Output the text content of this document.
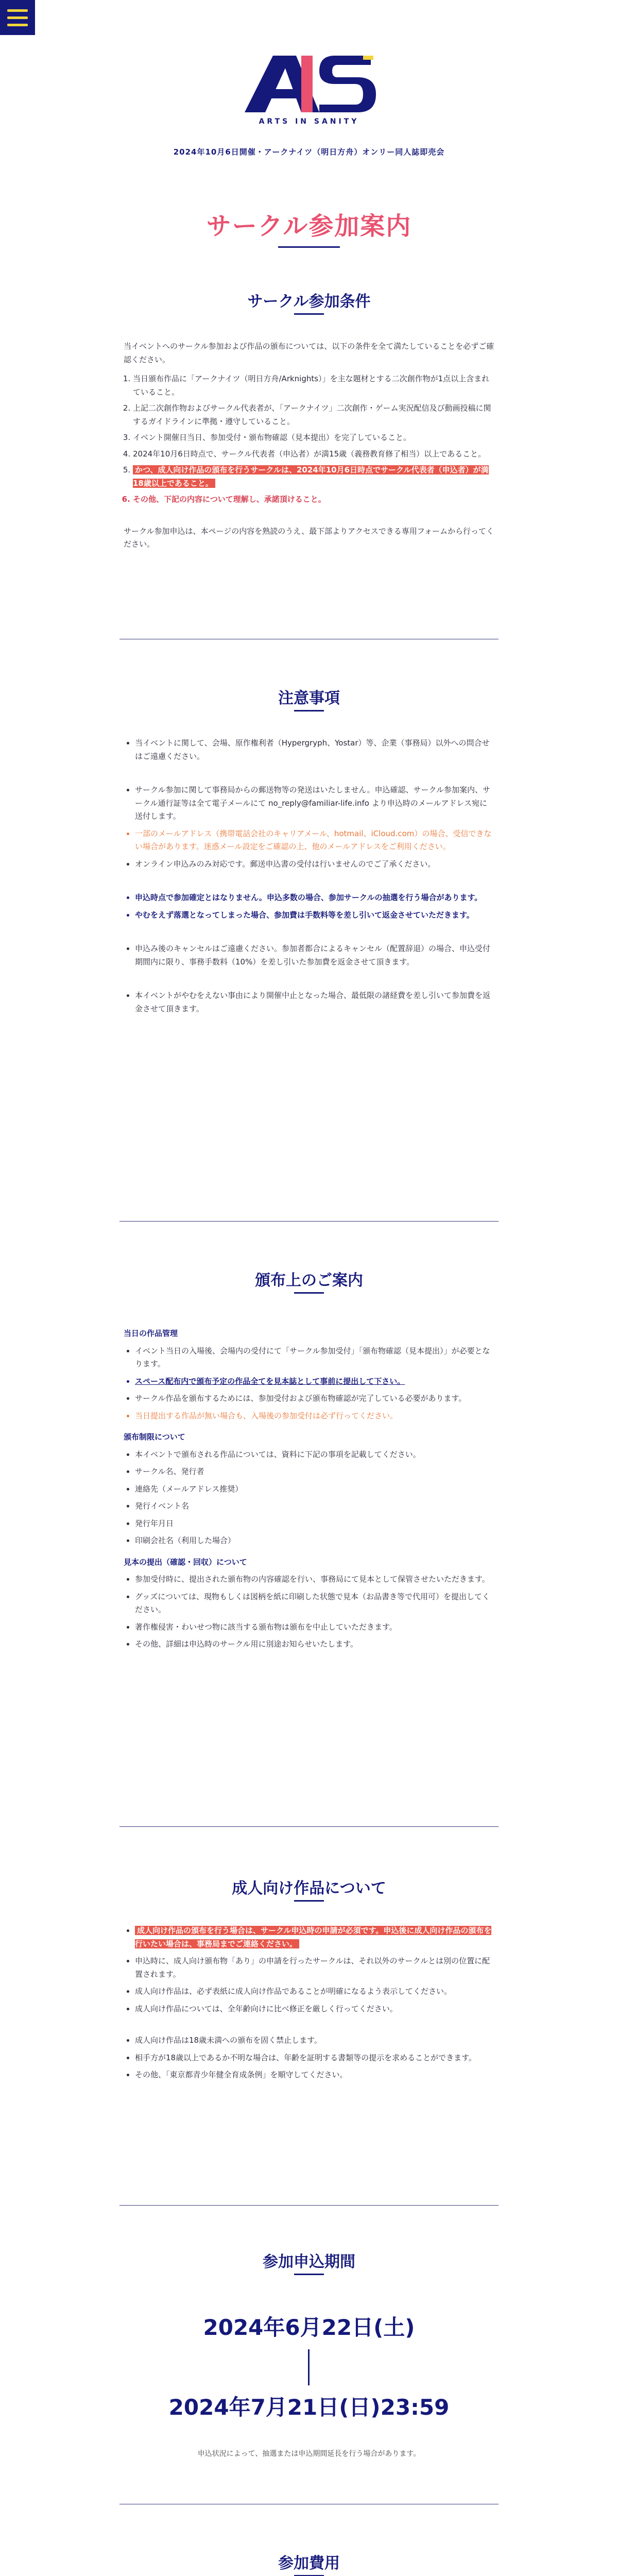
ARTS IN SANITY
2024年10月6日開催・アークナイツ（明日方舟）オンリー同人誌即売会
サークル参加案内
サークル参加条件

当イベントへのサークル参加および作品の頒布については、以下の条件を全て満たしていることを必ずご確認ください。

1. 当日頒布作品に「アークナイツ（明日方舟/Arknights）」を主な題材とする二次創作物が1点以上含まれていること。
2. 上記二次創作物およびサークル代表者が、「アークナイツ」二次創作・ゲーム実況配信及び動画投稿に関するガイドラインに準拠・遵守していること。
3. イベント開催日当日、参加受付・頒布物確認（見本提出）を完了していること。
4. 2024年10月6日時点で、サークル代表者（申込者）が満15歳（義務教育修了相当）以上であること。
5. かつ、成人向け作品の頒布を行うサークルは、2024年10月6日時点でサークル代表者（申込者）が満18歳以上であること。
6. その他、下記の内容について理解し、承諾頂けること。

サークル参加申込は、本ページの内容を熟読のうえ、最下部よりアクセスできる専用フォームから行ってください。

注意事項
• 当イベントに関して、会場、原作権利者（Hypergryph、Yostar）等、企業（事務局）以外への問合せはご遠慮ください。
• サークル参加に関して事務局からの郵送物等の発送はいたしません。申込確認、サークル参加案内、サークル通行証等は全て電子メールにて no_reply@familiar-life.info より申込時のメールアドレス宛に送付します。
• 一部のメールアドレス（携帯電話会社のキャリアメール、hotmail、iCloud.com）の場合、受信できない場合があります。迷惑メール設定をご確認の上、他のメールアドレスをご利用ください。
• オンライン申込みのみ対応です。郵送申込書の受付は行いませんのでご了承ください。
• 申込時点で参加確定とはなりません。申込多数の場合、参加サークルの抽選を行う場合があります。
• やむをえず落選となってしまった場合、参加費は手数料等を差し引いて返金させていただきます。
• 申込み後のキャンセルはご遠慮ください。参加者都合によるキャンセル（配置辞退）の場合、申込受付期間内に限り、事務手数料（10%）を差し引いた参加費を返金させて頂きます。
• 本イベントがやむをえない事由により開催中止となった場合、最低限の諸経費を差し引いて参加費を返金させて頂きます。
頒布上のご案内
当日の作品管理
• イベント当日の入場後、会場内の受付にて「サークル参加受付」「頒布物確認（見本提出）」が必要となります。
• スペース配布内で頒布予定の作品全てを見本誌として事前に提出して下さい。
• サークル作品を頒布するためには、参加受付および頒布物確認が完了している必要があります。
• 当日提出する作品が無い場合も、入場後の参加受付は必ず行ってください。
頒布制限について
• 本イベントで頒布される作品については、資料に下記の事項を記載してください。
• サークル名、発行者
• 連絡先（メールアドレス推奨）
• 発行イベント名
• 発行年月日
• 印刷会社名（利用した場合）
見本の提出（確認・回収）について
• 参加受付時に、提出された頒布物の内容確認を行い、事務局にて見本として保管させたいただきます。
• グッズについては、現物もしくは図柄を紙に印刷した状態で見本（お品書き等で代用可）を提出してください。
• 著作権侵害・わいせつ物に該当する頒布物は頒布を中止していただきます。
• その他、詳細は申込時のサークル用に別途お知らせいたします。
成人向け作品について
• 成人向け作品の頒布を行う場合は、サークル申込時の申請が必須です。申込後に成人向け作品の頒布を行いたい場合は、事務局までご連絡ください。
• 申込時に、成人向け頒布物「あり」の申請を行ったサークルは、それ以外のサークルとは別の位置に配置されます。
• 成人向け作品は、必ず表紙に成人向け作品であることが明確になるよう表示してください。
• 成人向け作品については、全年齢向けに比べ修正を厳しく行ってください。
• 成人向け作品は18歳未満への頒布を固く禁止します。
• 相手方が18歳以上であるか不明な場合は、年齢を証明する書類等の提示を求めることができます。
• その他、「東京都青少年健全育成条例」を順守してください。
参加申込期間
2024年6月22日(土)
2024年7月21日(日)23:59
申込状況によって、抽選または申込期間延長を行う場合があります。
参加費用
